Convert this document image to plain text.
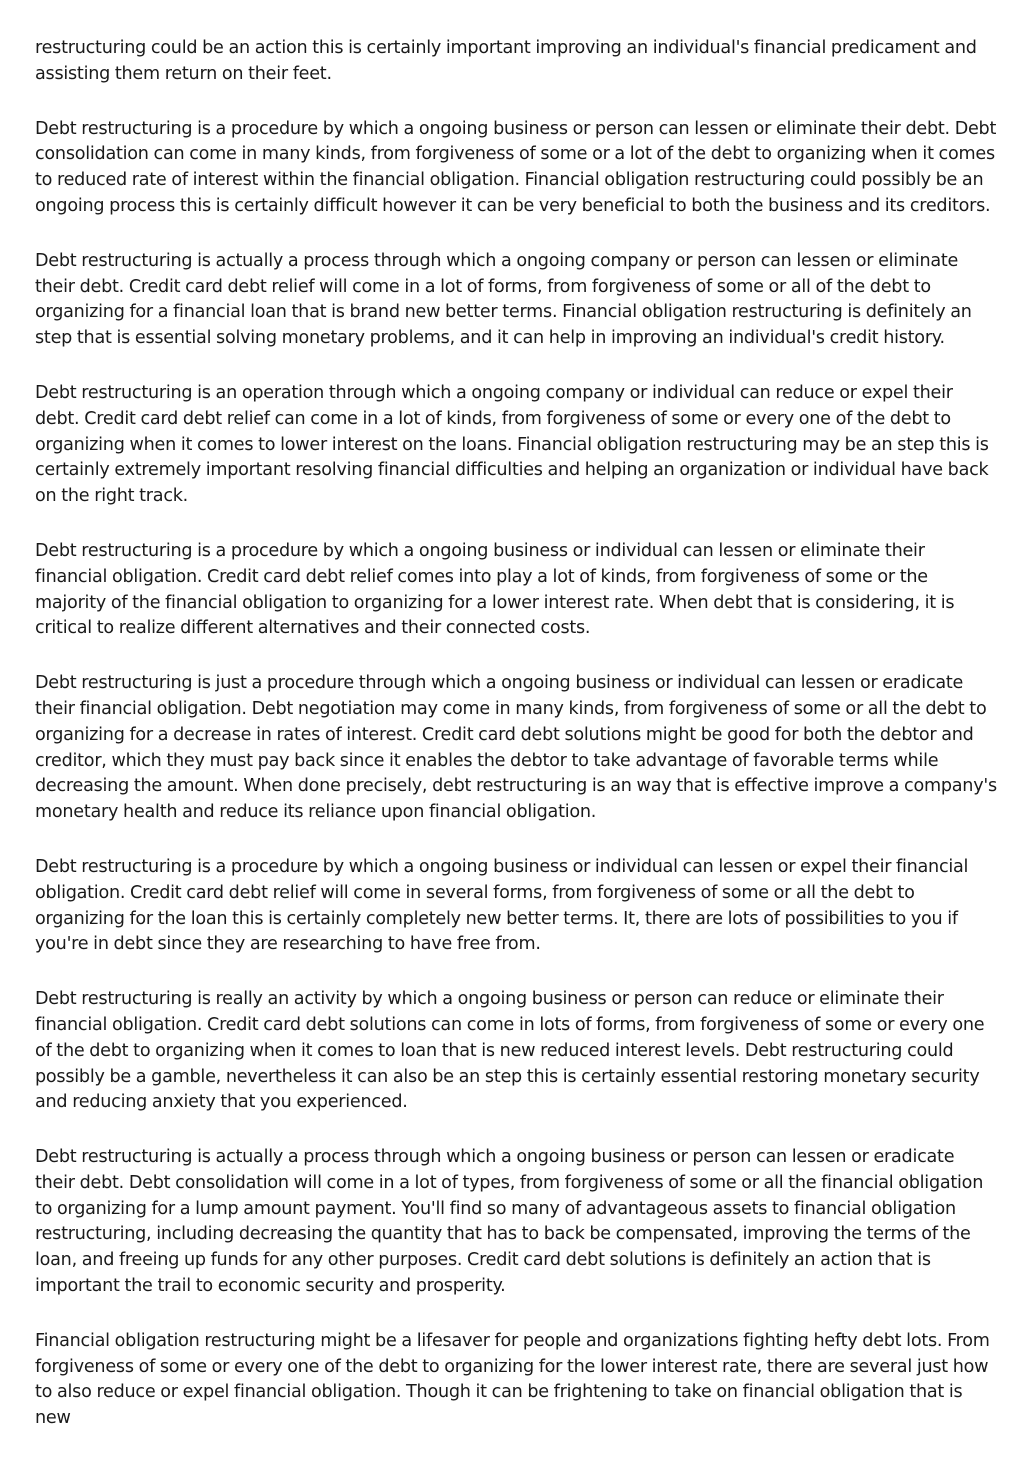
restructuring could be an action this is certainly important improving an individual's financial predicament and assisting them return on their feet.

Debt restructuring is a procedure by which a ongoing business or person can lessen or eliminate their debt. Debt consolidation can come in many kinds, from forgiveness of some or a lot of the debt to organizing when it comes to reduced rate of interest within the financial obligation. Financial obligation restructuring could possibly be an ongoing process this is certainly difficult however it can be very beneficial to both the business and its creditors.

Debt restructuring is actually a process through which a ongoing company or person can lessen or eliminate their debt. Credit card debt relief will come in a lot of forms, from forgiveness of some or all of the debt to organizing for a financial loan that is brand new better terms. Financial obligation restructuring is definitely an step that is essential solving monetary problems, and it can help in improving an individual's credit history.

Debt restructuring is an operation through which a ongoing company or individual can reduce or expel their debt. Credit card debt relief can come in a lot of kinds, from forgiveness of some or every one of the debt to organizing when it comes to lower interest on the loans. Financial obligation restructuring may be an step this is certainly extremely important resolving financial difficulties and helping an organization or individual have back on the right track.

Debt restructuring is a procedure by which a ongoing business or individual can lessen or eliminate their financial obligation. Credit card debt relief comes into play a lot of kinds, from forgiveness of some or the majority of the financial obligation to organizing for a lower interest rate. When debt that is considering, it is critical to realize different alternatives and their connected costs.

Debt restructuring is just a procedure through which a ongoing business or individual can lessen or eradicate their financial obligation. Debt negotiation may come in many kinds, from forgiveness of some or all the debt to organizing for a decrease in rates of interest. Credit card debt solutions might be good for both the debtor and creditor, which they must pay back since it enables the debtor to take advantage of favorable terms while decreasing the amount. When done precisely, debt restructuring is an way that is effective improve a company's monetary health and reduce its reliance upon financial obligation.

Debt restructuring is a procedure by which a ongoing business or individual can lessen or expel their financial obligation. Credit card debt relief will come in several forms, from forgiveness of some or all the debt to organizing for the loan this is certainly completely new better terms. It, there are lots of possibilities to you if you're in debt since they are researching to have free from.

Debt restructuring is really an activity by which a ongoing business or person can reduce or eliminate their financial obligation. Credit card debt solutions can come in lots of forms, from forgiveness of some or every one of the debt to organizing when it comes to loan that is new reduced interest levels. Debt restructuring could possibly be a gamble, nevertheless it can also be an step this is certainly essential restoring monetary security and reducing anxiety that you experienced.

Debt restructuring is actually a process through which a ongoing business or person can lessen or eradicate their debt. Debt consolidation will come in a lot of types, from forgiveness of some or all the financial obligation to organizing for a lump amount payment. You'll find so many of advantageous assets to financial obligation restructuring, including decreasing the quantity that has to back be compensated, improving the terms of the loan, and freeing up funds for any other purposes. Credit card debt solutions is definitely an action that is important the trail to economic security and prosperity.

Financial obligation restructuring might be a lifesaver for people and organizations fighting hefty debt lots. From forgiveness of some or every one of the debt to organizing for the lower interest rate, there are several just how to also reduce or expel financial obligation. Though it can be frightening to take on financial obligation that is new
